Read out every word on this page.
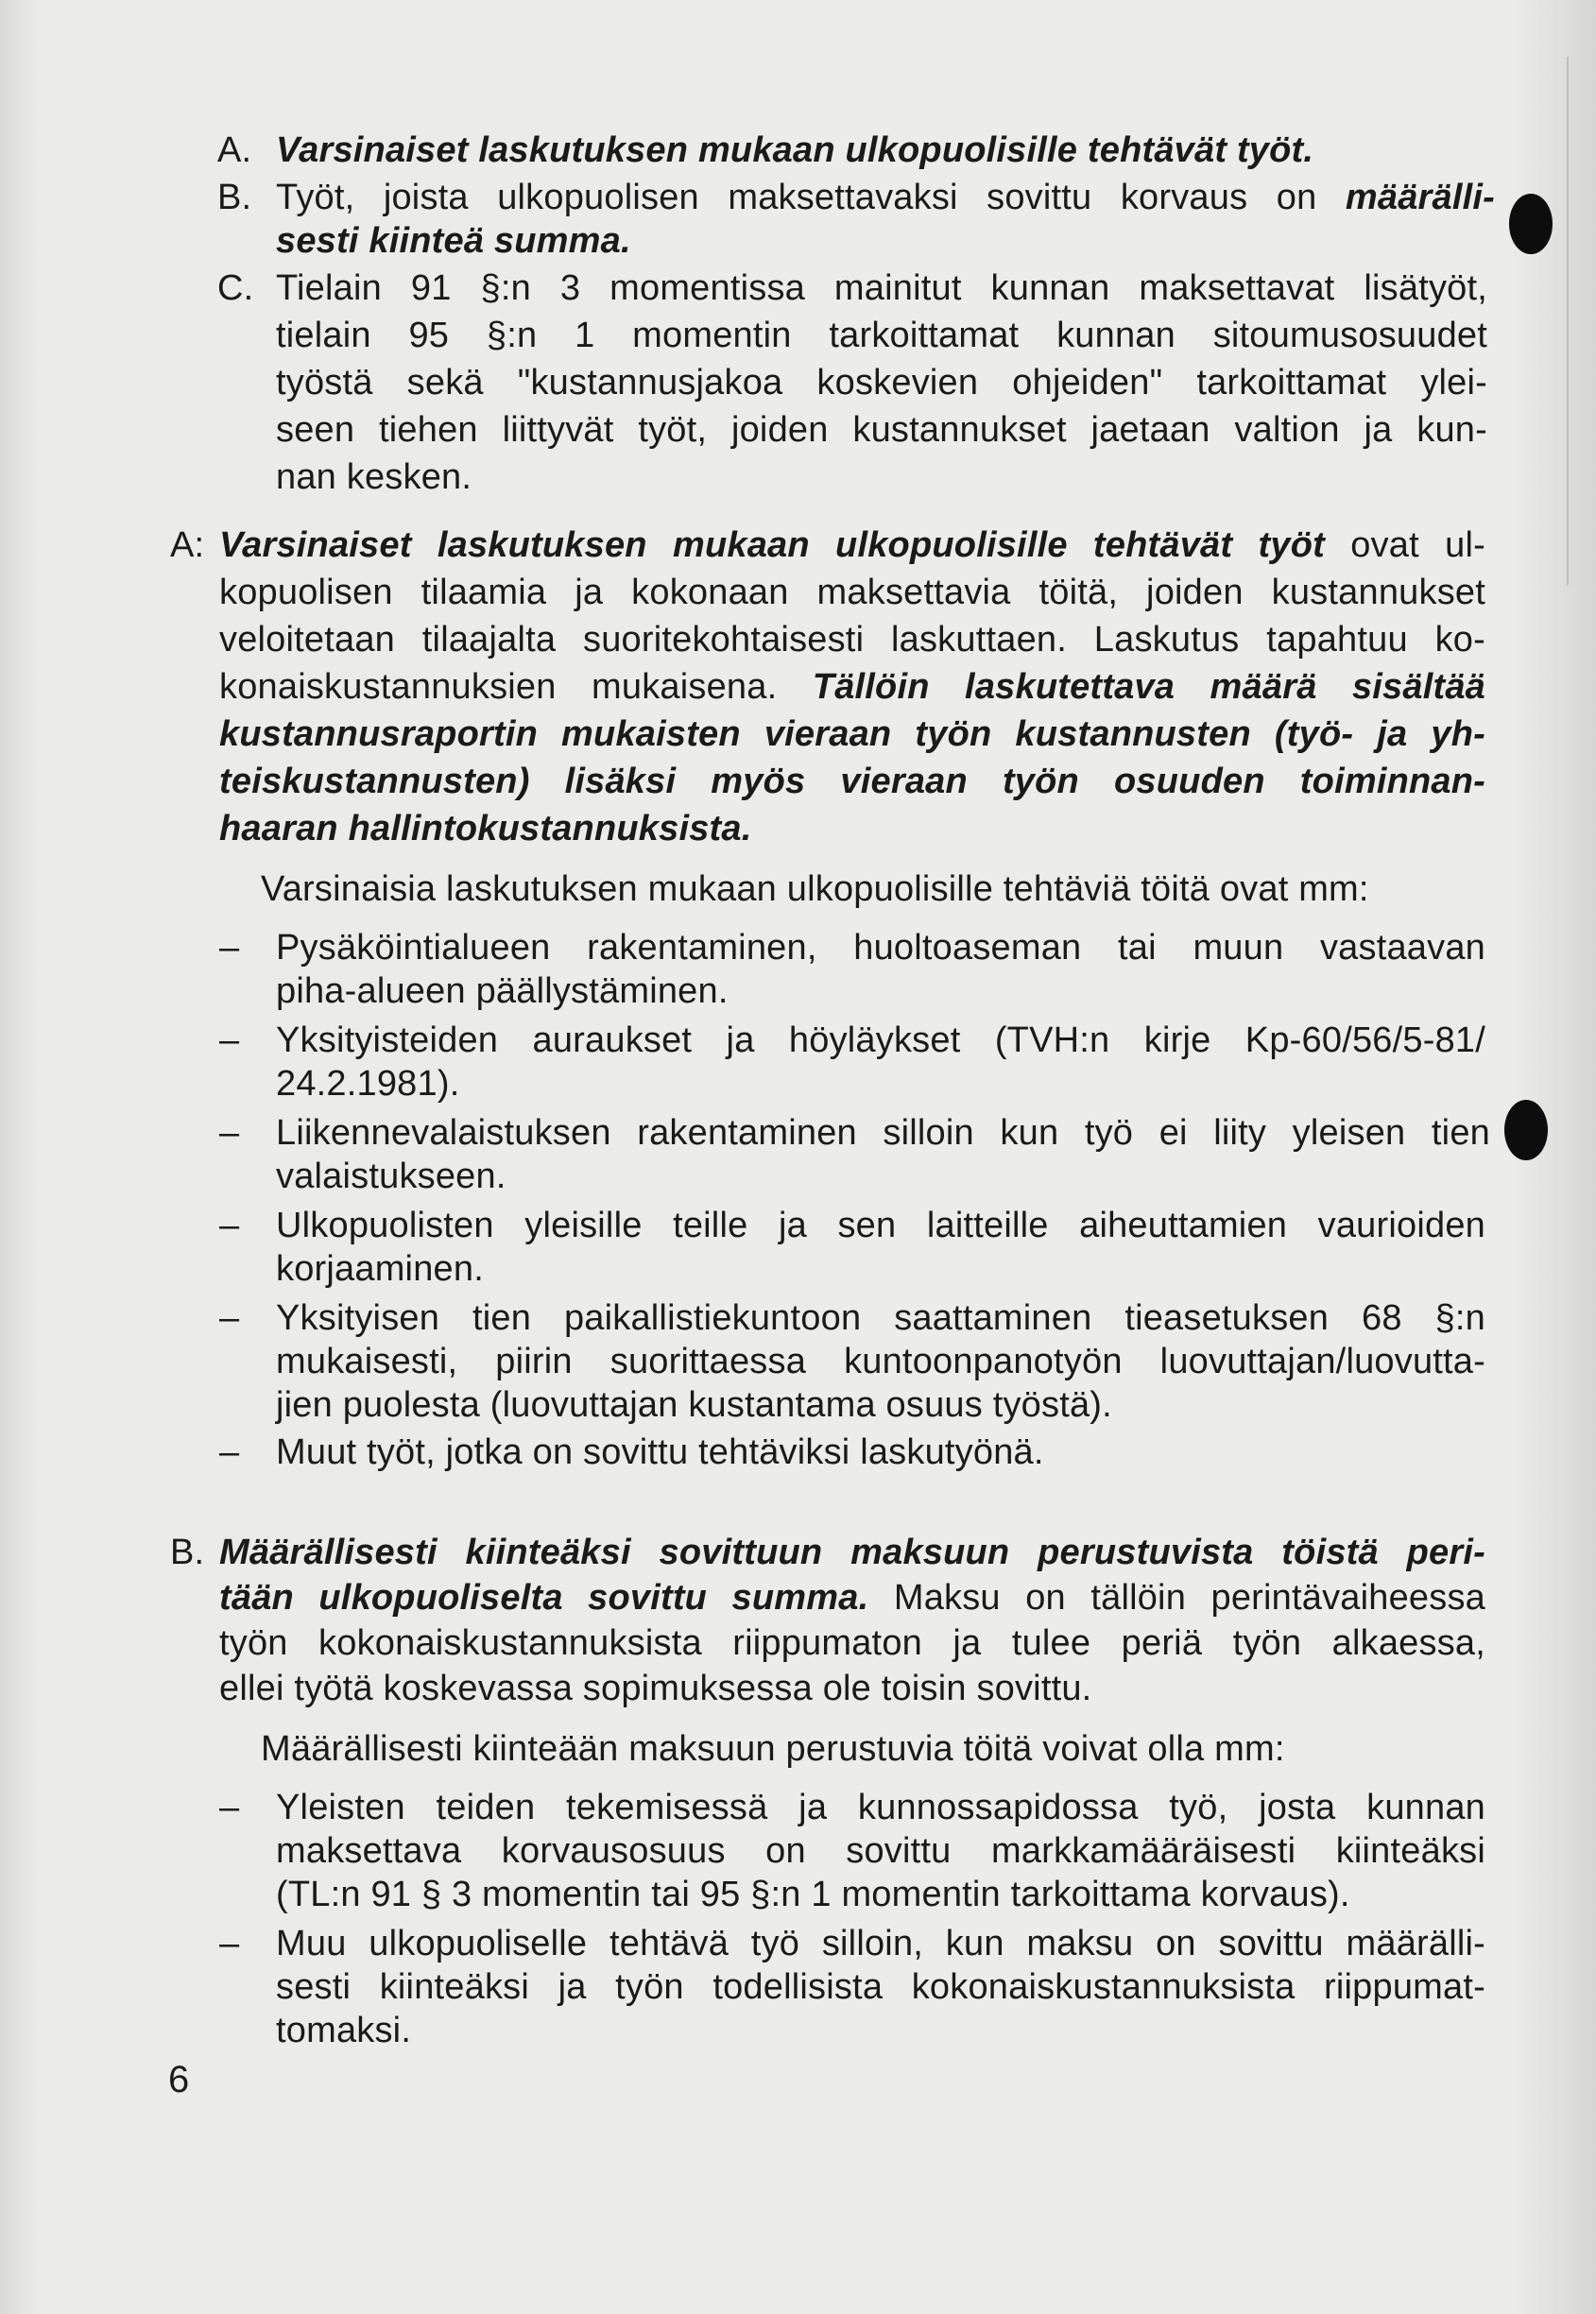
A. Varsinaiset laskutuksen mukaan ulkopuolisille tehtävät työt.
B. Työt, joista ulkopuolisen maksettavaksi sovittu korvaus on määrälli-
sesti kiinteä summa.
C. Tielain 91 §:n 3 momentissa mainitut kunnan maksettavat lisätyöt,
tielain 95 §:n 1 momentin tarkoittamat kunnan sitoumusosuudet
työstä sekä "kustannusjakoa koskevien ohjeiden" tarkoittamat ylei-
seen tiehen liittyvät työt, joiden kustannukset jaetaan valtion ja kun-
nan kesken.
A: Varsinaiset laskutuksen mukaan ulkopuolisille tehtävät työt ovat ul-
kopuolisen tilaamia ja kokonaan maksettavia töitä, joiden kustannukset
veloitetaan tilaajalta suoritekohtaisesti laskuttaen. Laskutus tapahtuu ko-
konaiskustannuksien mukaisena. Tällöin laskutettava määrä sisältää
kustannusraportin mukaisten vieraan työn kustannusten (työ- ja yh-
teiskustannusten) lisäksi myös vieraan työn osuuden toiminnan-
haaran hallintokustannuksista.
Varsinaisia laskutuksen mukaan ulkopuolisille tehtäviä töitä ovat mm:
– Pysäköintialueen rakentaminen, huoltoaseman tai muun vastaavan
piha-alueen päällystäminen.
– Yksityisteiden auraukset ja höyläykset (TVH:n kirje Kp-60/56/5-81/
24.2.1981).
– Liikennevalaistuksen rakentaminen silloin kun työ ei liity yleisen tien
valaistukseen.
– Ulkopuolisten yleisille teille ja sen laitteille aiheuttamien vaurioiden
korjaaminen.
– Yksityisen tien paikallistiekuntoon saattaminen tieasetuksen 68 §:n
mukaisesti, piirin suorittaessa kuntoonpanotyön luovuttajan/luovutta-
jien puolesta (luovuttajan kustantama osuus työstä).
– Muut työt, jotka on sovittu tehtäviksi laskutyönä.
B. Määrällisesti kiinteäksi sovittuun maksuun perustuvista töistä peri-
tään ulkopuoliselta sovittu summa. Maksu on tällöin perintävaiheessa
työn kokonaiskustannuksista riippumaton ja tulee periä työn alkaessa,
ellei työtä koskevassa sopimuksessa ole toisin sovittu.
Määrällisesti kiinteään maksuun perustuvia töitä voivat olla mm:
– Yleisten teiden tekemisessä ja kunnossapidossa työ, josta kunnan
maksettava korvausosuus on sovittu markkamääräisesti kiinteäksi
(TL:n 91 § 3 momentin tai 95 §:n 1 momentin tarkoittama korvaus).
– Muu ulkopuoliselle tehtävä työ silloin, kun maksu on sovittu määrälli-
sesti kiinteäksi ja työn todellisista kokonaiskustannuksista riippumat-
tomaksi.
6
